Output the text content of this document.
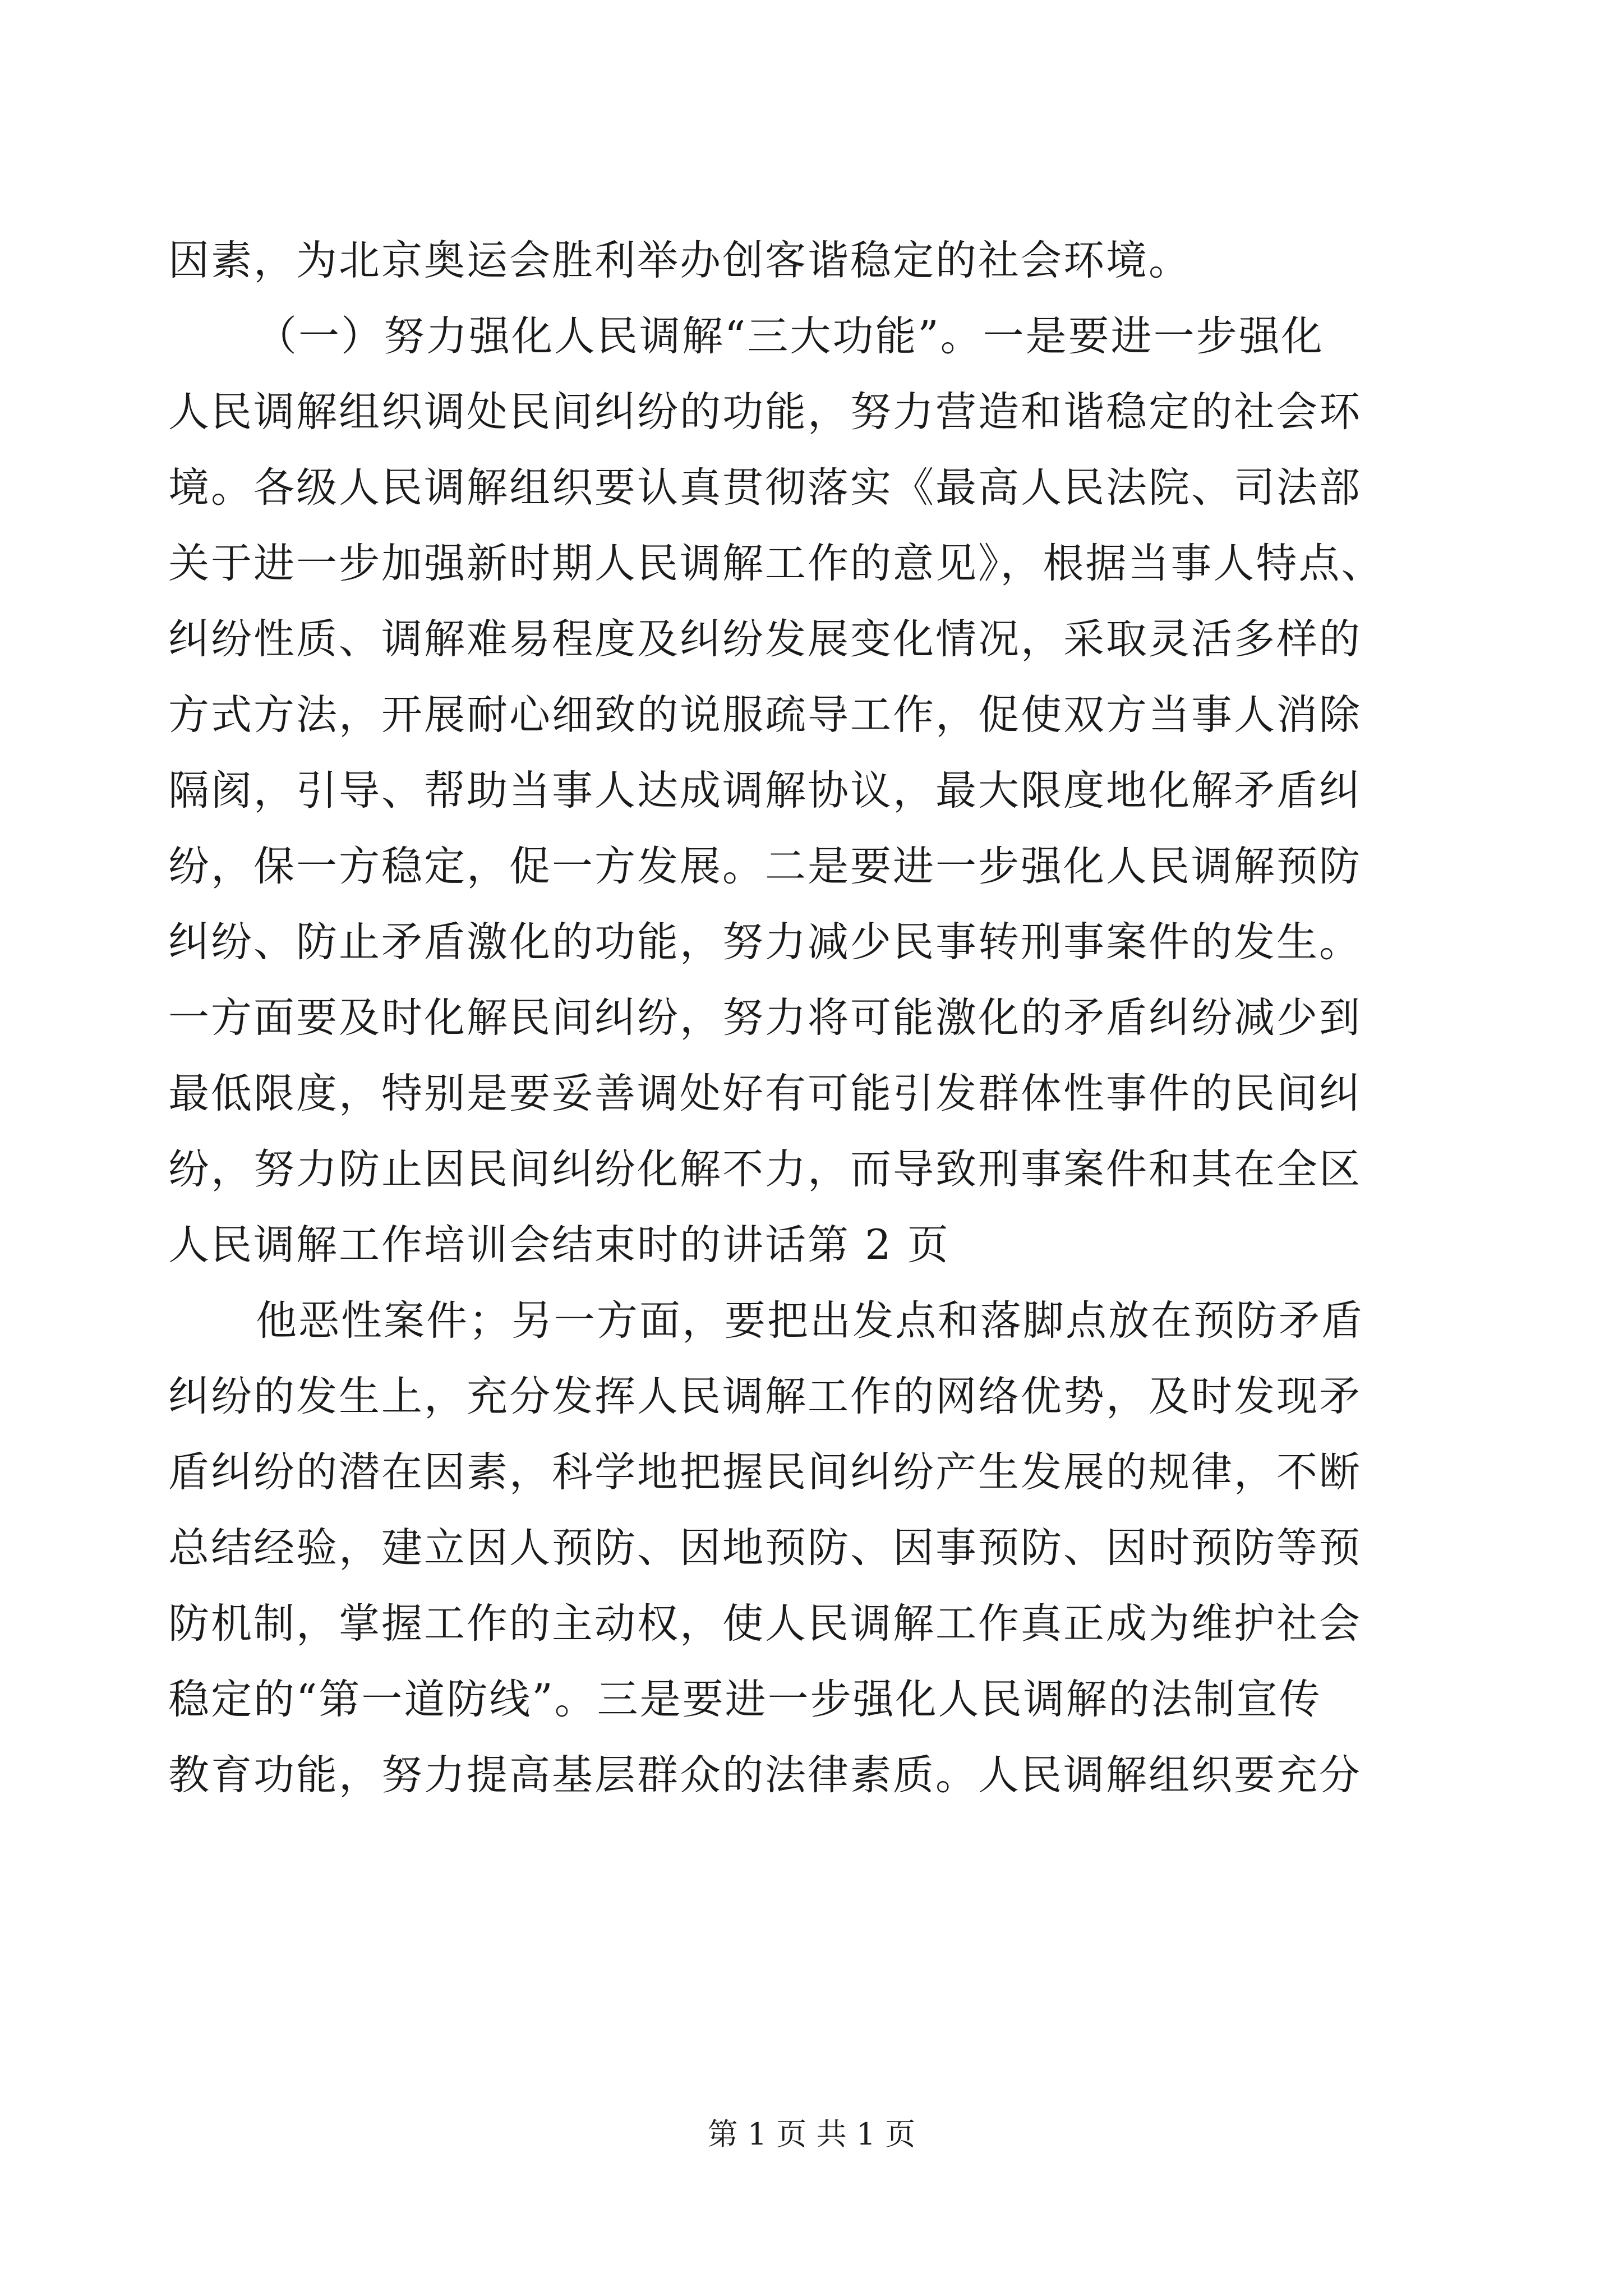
因素，为北京奥运会胜利举办创客谐稳定的社会环境。
（一）努力强化人民调解“三大功能”。一是要进一步强化
人民调解组织调处民间纠纷的功能，努力营造和谐稳定的社会环
境。各级人民调解组织要认真贯彻落实《最高人民法院、司法部
关于进一步加强新时期人民调解工作的意见》，根据当事人特点、
纠纷性质、调解难易程度及纠纷发展变化情况，采取灵活多样的
方式方法，开展耐心细致的说服疏导工作，促使双方当事人消除
隔阂，引导、帮助当事人达成调解协议，最大限度地化解矛盾纠
纷，保一方稳定，促一方发展。二是要进一步强化人民调解预防
纠纷、防止矛盾激化的功能，努力减少民事转刑事案件的发生。
一方面要及时化解民间纠纷，努力将可能激化的矛盾纠纷减少到
最低限度，特别是要妥善调处好有可能引发群体性事件的民间纠
纷，努力防止因民间纠纷化解不力，而导致刑事案件和其在全区
人民调解工作培训会结束时的讲话第 2 页
他恶性案件；另一方面，要把出发点和落脚点放在预防矛盾
纠纷的发生上，充分发挥人民调解工作的网络优势，及时发现矛
盾纠纷的潜在因素，科学地把握民间纠纷产生发展的规律，不断
总结经验，建立因人预防、因地预防、因事预防、因时预防等预
防机制，掌握工作的主动权，使人民调解工作真正成为维护社会
稳定的“第一道防线”。三是要进一步强化人民调解的法制宣传
教育功能，努力提高基层群众的法律素质。人民调解组织要充分
第 1 页 共 1 页
